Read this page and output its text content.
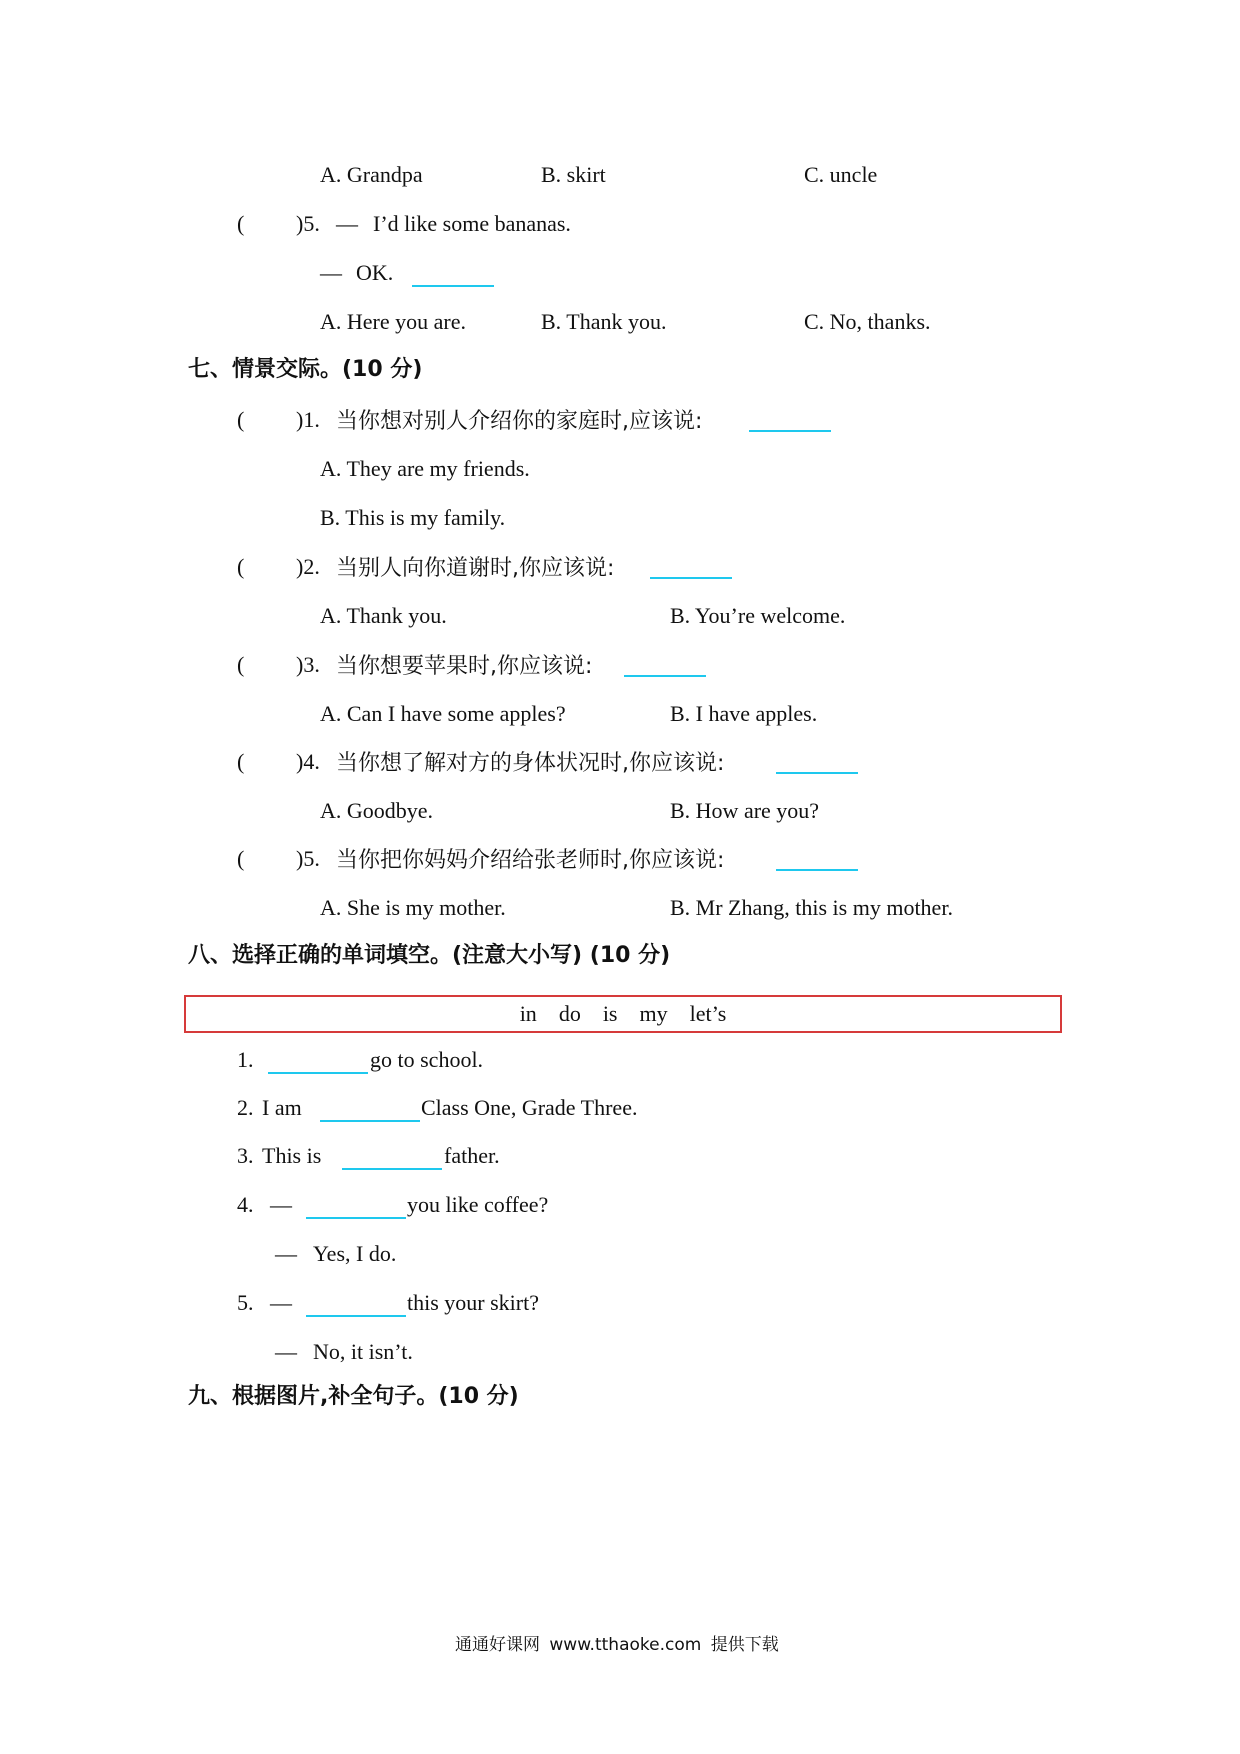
A. Grandpa	B. skirt	C. uncle
( )5. — I’d like some bananas.
— OK.
A. Here you are.	B. Thank you.	C. No, thanks.
七、情景交际。(10 分)
( )1. 当你想对别人介绍你的家庭时,应该说:
A. They are my friends.
B. This is my family.
( )2. 当别人向你道谢时,你应该说:
A. Thank you.	B. You’re welcome.
( )3. 当你想要苹果时,你应该说:
A. Can I have some apples?	B. I have apples.
( )4. 当你想了解对方的身体状况时,你应该说:
A. Goodbye.	B. How are you?
( )5. 当你把你妈妈介绍给张老师时,你应该说:
A. She is my mother.	B. Mr Zhang, this is my mother.
八、选择正确的单词填空。(注意大小写) (10 分)
in do is my let’s
1.	go to school.
2. I am	Class One, Grade Three.
3. This is	father.
4. —	you like coffee?
— Yes, I do.
5. —	this your skirt?
— No, it isn’t.
九、根据图片,补全句子。(10 分)
通通好课网 www.tthaoke.com 提供下载
